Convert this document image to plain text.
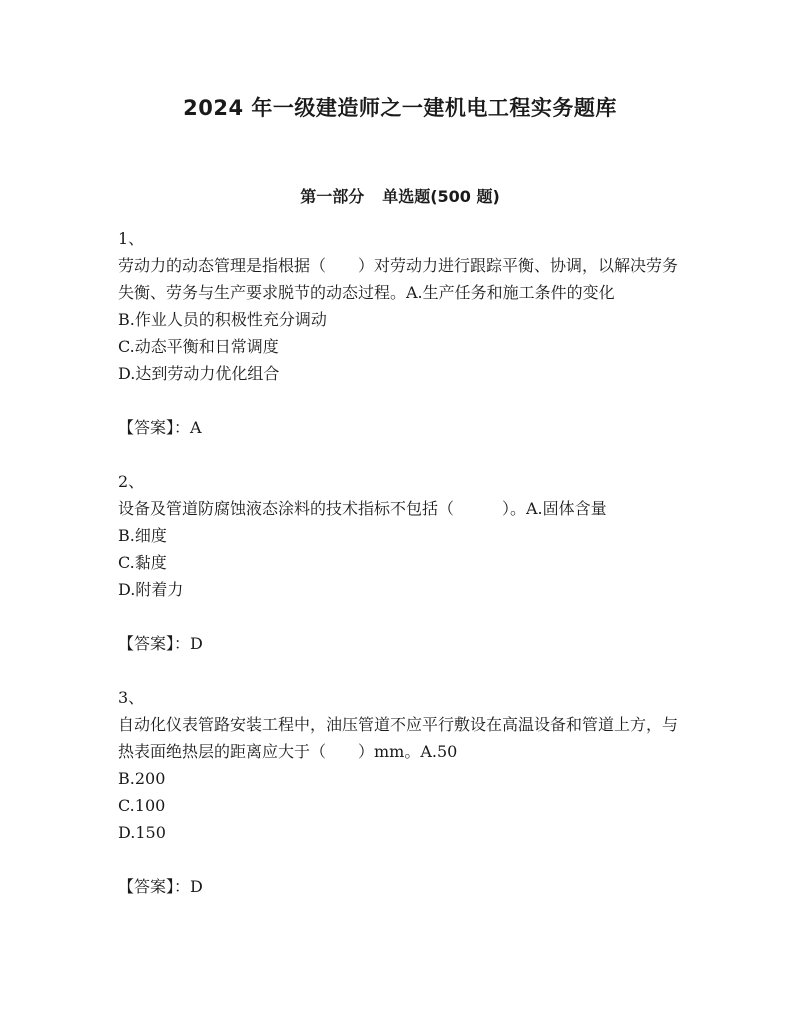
2024 年一级建造师之一建机电工程实务题库
第一部分 单选题(500 题)

1、

劳动力的动态管理是指根据（　　）对劳动力进行跟踪平衡、协调，以解决劳务失衡、劳务与生产要求脱节的动态过程。A.生产任务和施工条件的变化

B.作业人员的积极性充分调动

C.动态平衡和日常调度

D.达到劳动力优化组合

【答案】：A

2、

设备及管道防腐蚀液态涂料的技术指标不包括（　　　）。A.固体含量

B.细度

C.黏度

D.附着力

【答案】：D

3、

自动化仪表管路安装工程中，油压管道不应平行敷设在高温设备和管道上方，与热表面绝热层的距离应大于（　　）mm。A.50

B.200

C.100

D.150

【答案】：D
